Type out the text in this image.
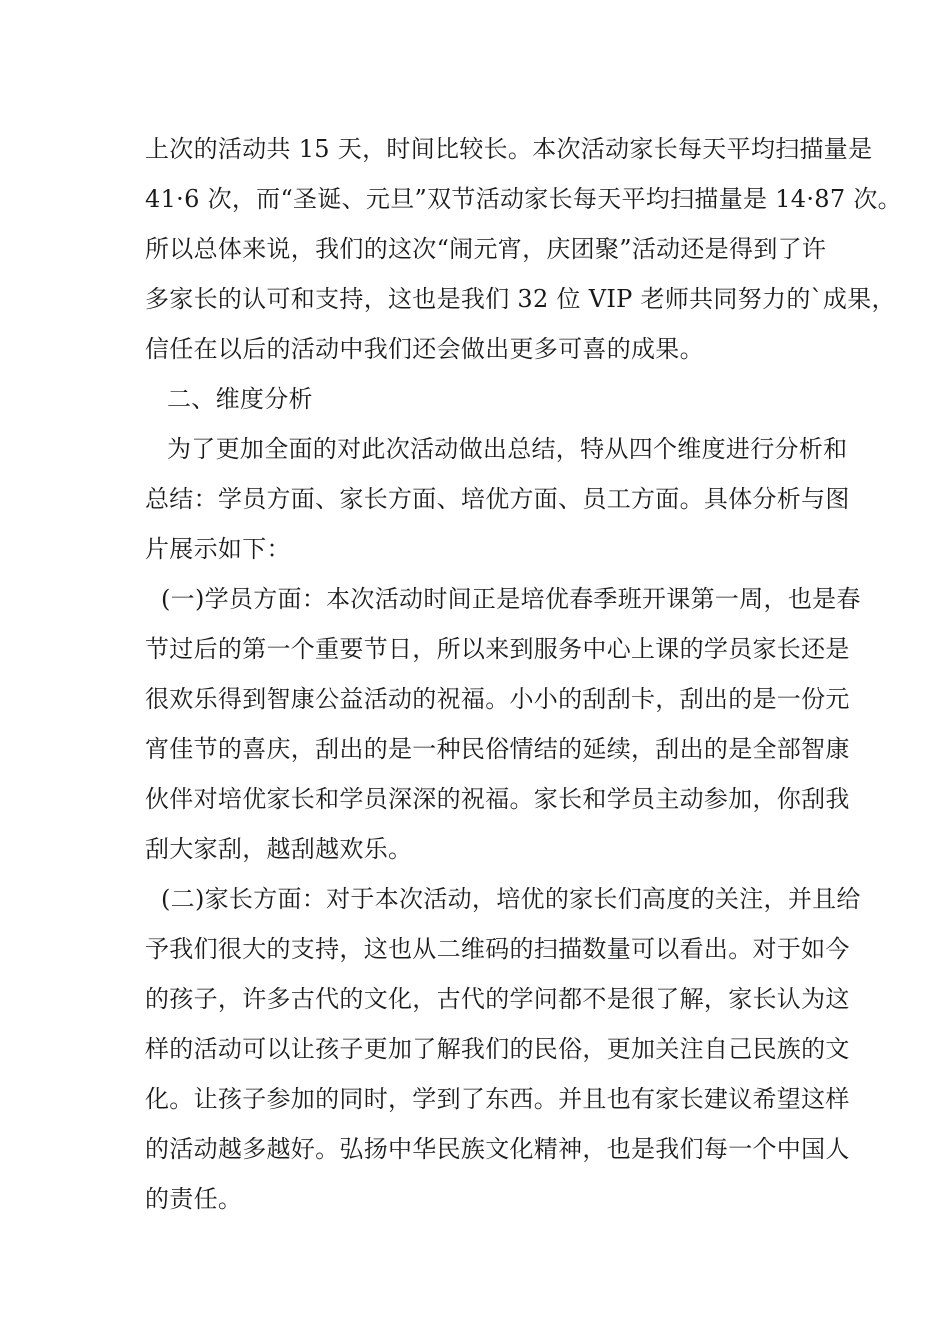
上次的活动共 15 天，时间比较长。本次活动家长每天平均扫描量是
41·6 次，而“圣诞、元旦”双节活动家长每天平均扫描量是 14·87 次。
所以总体来说，我们的这次“闹元宵，庆团聚”活动还是得到了许
多家长的认可和支持，这也是我们 32 位 VIP 老师共同努力的`成果，
信任在以后的活动中我们还会做出更多可喜的成果。
二、维度分析
为了更加全面的对此次活动做出总结，特从四个维度进行分析和
总结：学员方面、家长方面、培优方面、员工方面。具体分析与图
片展示如下：
(一)学员方面：本次活动时间正是培优春季班开课第一周，也是春
节过后的第一个重要节日，所以来到服务中心上课的学员家长还是
很欢乐得到智康公益活动的祝福。小小的刮刮卡，刮出的是一份元
宵佳节的喜庆，刮出的是一种民俗情结的延续，刮出的是全部智康
伙伴对培优家长和学员深深的祝福。家长和学员主动参加，你刮我
刮大家刮，越刮越欢乐。
(二)家长方面：对于本次活动，培优的家长们高度的关注，并且给
予我们很大的支持，这也从二维码的扫描数量可以看出。对于如今
的孩子，许多古代的文化，古代的学问都不是很了解，家长认为这
样的活动可以让孩子更加了解我们的民俗，更加关注自己民族的文
化。让孩子参加的同时，学到了东西。并且也有家长建议希望这样
的活动越多越好。弘扬中华民族文化精神，也是我们每一个中国人
的责任。
